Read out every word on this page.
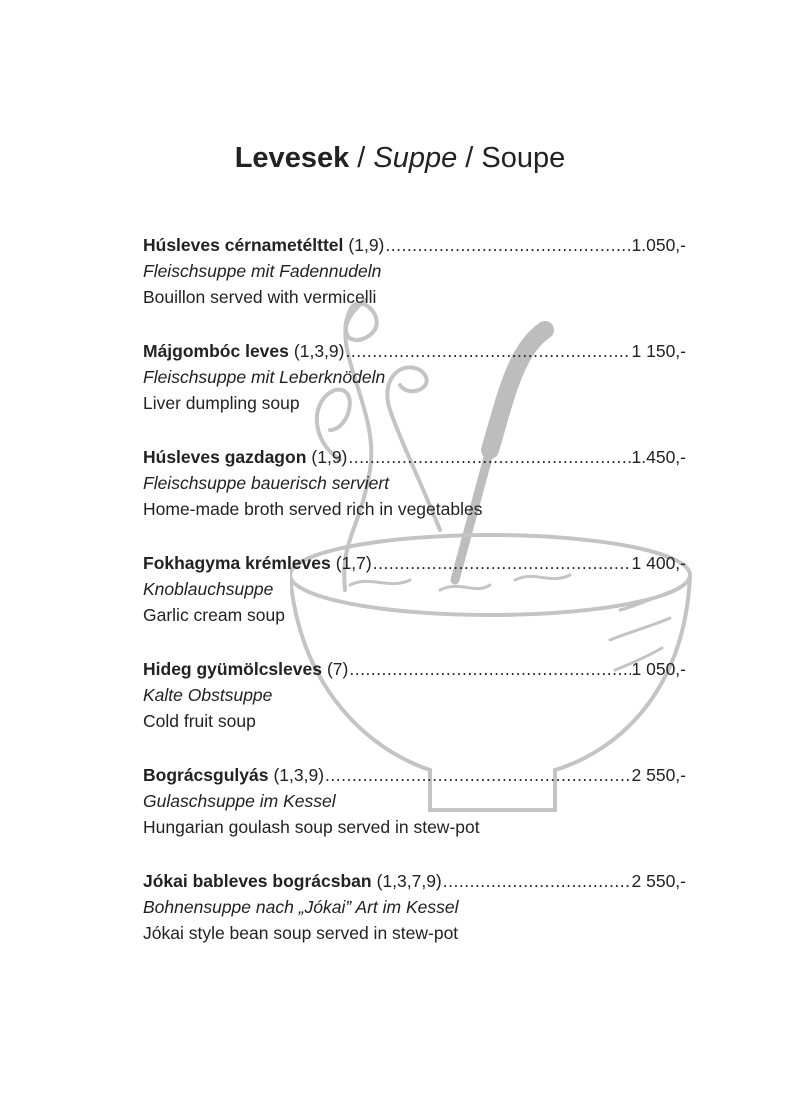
Levesek / Suppe / Soupe
Húsleves cérnametélttel (1,9) .....	1.050,-
Fleischsuppe mit Fadennudeln
Bouillon served with vermicelli
Májgombóc leves (1,3,9) .....	1 150,-
Fleischsuppe mit Leberknödeln
Liver dumpling soup
Húsleves gazdagon (1,9) .....	1.450,-
Fleischsuppe bauerisch serviert
Home-made broth served rich in vegetables
Fokhagyma krémleves (1,7) .....	1 400,-
Knoblauchsuppe
Garlic cream soup
Hideg gyümölcsleves (7) .....	1 050,-
Kalte Obstsuppe
Cold fruit soup
Bográcsgulyás (1,3,9) .....	2 550,-
Gulaschsuppe im Kessel
Hungarian goulash soup served in stew-pot
Jókai bableves bográcsban (1,3,7,9) .....	2 550,-
Bohnensuppe nach „Jókai” Art im Kessel
Jókai style bean soup served in stew-pot
